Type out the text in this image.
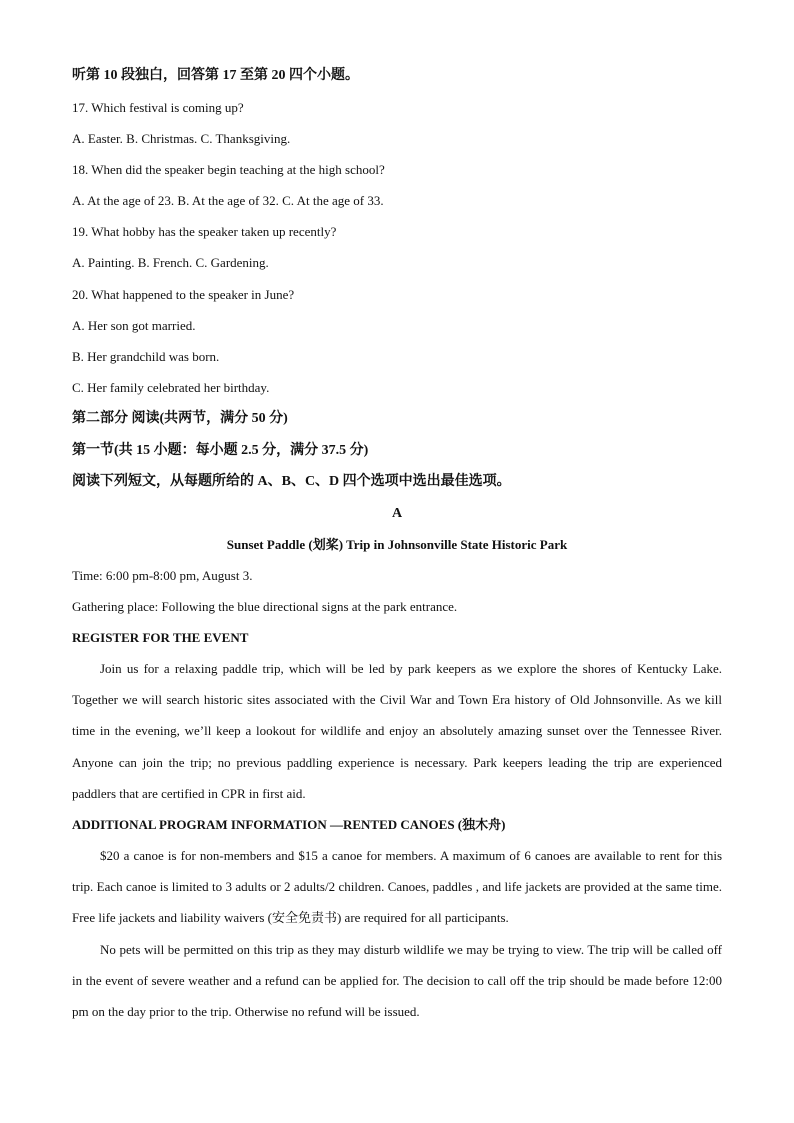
听第 10 段独白，回答第 17 至第 20 四个小题。
17. Which festival is coming up?
A. Easter. B. Christmas. C. Thanksgiving.
18. When did the speaker begin teaching at the high school?
A. At the age of 23. B. At the age of 32. C. At the age of 33.
19. What hobby has the speaker taken up recently?
A. Painting. B. French. C. Gardening.
20. What happened to the speaker in June?
A. Her son got married.
B. Her grandchild was born.
C. Her family celebrated her birthday.
第二部分 阅读(共两节，满分 50 分)
第一节(共 15 小题：每小题 2.5 分，满分 37.5 分)
阅读下列短文，从每题所给的 A、B、C、D 四个选项中选出最佳选项。
A
Sunset Paddle (划桨) Trip in Johnsonville State Historic Park
Time: 6:00 pm-8:00 pm, August 3.
Gathering place: Following the blue directional signs at the park entrance.
REGISTER FOR THE EVENT

Join us for a relaxing paddle trip, which will be led by park keepers as we explore the shores of Kentucky Lake. Together we will search historic sites associated with the Civil War and Town Era history of Old Johnsonville. As we kill time in the evening, we’ll keep a lookout for wildlife and enjoy an absolutely amazing sunset over the Tennessee River. Anyone can join the trip; no previous paddling experience is necessary. Park keepers leading the trip are experienced paddlers that are certified in CPR in first aid.

ADDITIONAL PROGRAM INFORMATION —RENTED CANOES (独木舟)

$20 a canoe is for non-members and $15 a canoe for members. A maximum of 6 canoes are available to rent for this trip. Each canoe is limited to 3 adults or 2 adults/2 children. Canoes, paddles , and life jackets are provided at the same time. Free life jackets and liability waivers (安全免责书) are required for all participants.

No pets will be permitted on this trip as they may disturb wildlife we may be trying to view. The trip will be called off in the event of severe weather and a refund can be applied for. The decision to call off the trip should be made before 12:00 pm on the day prior to the trip. Otherwise no refund will be issued.
